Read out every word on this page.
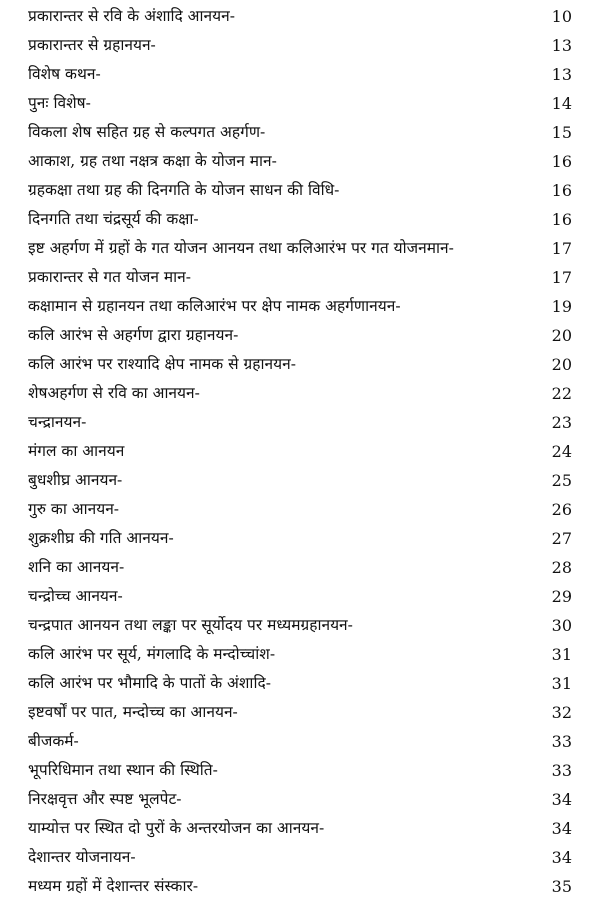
प्रकारान्तर से रवि के अंशादि आनयन-	10
प्रकारान्तर से ग्रहानयन-	13
विशेष कथन-	13
पुनः विशेष-	14
विकला शेष सहित ग्रह से कल्पगत अहर्गण-	15
आकाश, ग्रह तथा नक्षत्र कक्षा के योजन मान-	16
ग्रहकक्षा तथा ग्रह की दिनगति के योजन साधन की विधि-	16
दिनगति तथा चंद्रसूर्य की कक्षा-	16
इष्ट अहर्गण में ग्रहों के गत योजन आनयन तथा कलिआरंभ पर गत योजनमान-	17
प्रकारान्तर से गत योजन मान-	17
कक्षामान से ग्रहानयन तथा कलिआरंभ पर क्षेप नामक अहर्गणानयन-	19
कलि आरंभ से अहर्गण द्वारा ग्रहानयन-	20
कलि आरंभ पर राश्यादि क्षेप नामक से ग्रहानयन-	20
शेषअहर्गण से रवि का आनयन-	22
चन्द्रानयन-	23
मंगल का आनयन	24
बुधशीघ्र आनयन-	25
गुरु का आनयन-	26
शुक्रशीघ्र की गति आनयन-	27
शनि का आनयन-	28
चन्द्रोच्च आनयन-	29
चन्द्रपात आनयन तथा लङ्का पर सूर्योदय पर मध्यमग्रहानयन-	30
कलि आरंभ पर सूर्य, मंगलादि के मन्दोच्चांश-	31
कलि आरंभ पर भौमादि के पातों के अंशादि-	31
इष्टवर्षों पर पात, मन्दोच्च का आनयन-	32
बीजकर्म-	33
भूपरिधिमान तथा स्थान की स्थिति-	33
निरक्षवृत्त और स्पष्ट भूलपेट-	34
याम्योत्त पर स्थित दो पुरों के अन्तरयोजन का आनयन-	34
देशान्तर योजनायन-	34
मध्यम ग्रहों में देशान्तर संस्कार-	35
